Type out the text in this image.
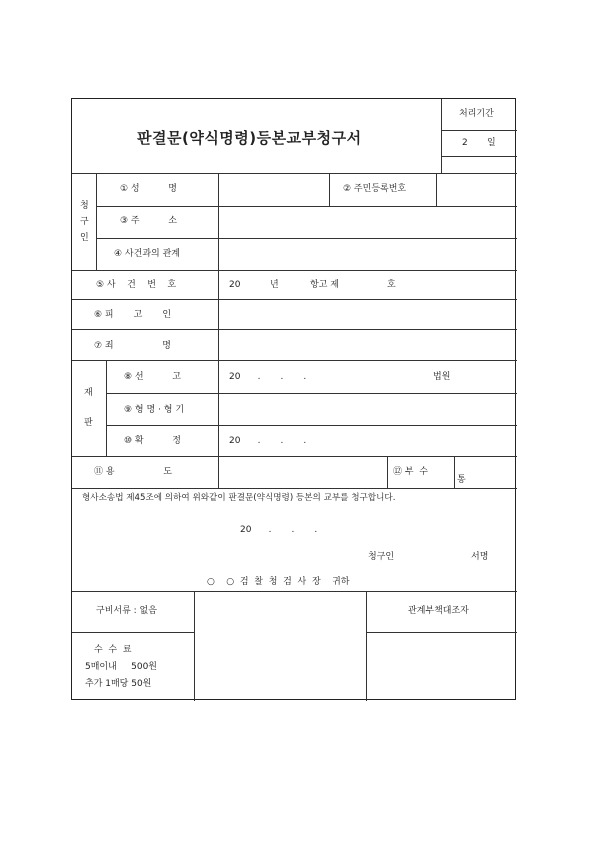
판결문(약식명령)등본교부청구서
처리기간
2 일
청
구
인
① 성          명	② 주민등록번호
③ 주          소
④ 사건과의 관계
⑤ 사    건    번    호	20	년	항고 제	호
⑥ 피       고       인
⑦ 죄                 명
재
판
⑧ 선          고	20      .       .       .	법원
⑨ 형 명 · 형 기
⑩ 확          정	20      .       .       .
⑪ 용                 도	⑫ 부  수
통
형사소송법 제45조에 의하여 위와같이 판결문(약식명령) 등본의 교부를 청구합니다.
20      .       .       .
청구인	서명
○    ○  검  찰  청  검  사  장    귀하
구비서류 : 없음
수  수  료
5매이내     500원
추가 1매당 50원
관계부책대조자
